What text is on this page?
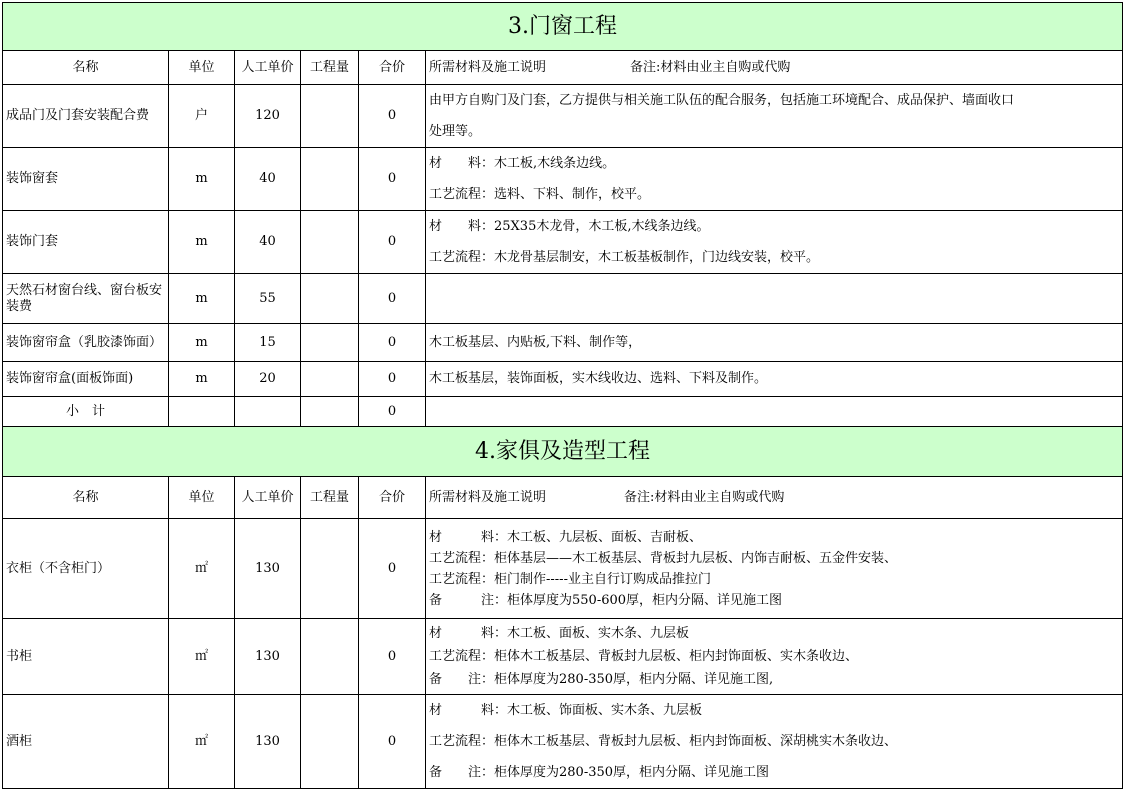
3.门窗工程					
名称	单位	人工单价	工程量	合价	所需材料及施工说明 备注:材料由业主自购或代购
成品门及门套安装配合费	户	120		0	由甲方自购门及门套，乙方提供与相关施工队伍的配合服务，包括施工环境配合、成品保护、墙面收口
处理等。

装饰窗套	m	40		0	材　　料：木工板,木线条边线。
工艺流程：选料、下料、制作，校平。

装饰门套	m	40		0	材　　料：25X35木龙骨，木工板,木线条边线。
工艺流程：木龙骨基层制安，木工板基板制作，门边线安装，校平。

天然石材窗台线、窗台板安装费	m	55		0	
装饰窗帘盒（乳胶漆饰面）	m	15		0	木工板基层、内贴板,下料、制作等，

装饰窗帘盒(面板饰面)	m	20		0	木工板基层，装饰面板，实木线收边、选料、下料及制作。

小　计				0	
4.家俱及造型工程					
名称	单位	人工单价	工程量	合价	所需材料及施工说明 备注:材料由业主自购或代购
衣柜（不含柜门）	㎡	130		0	材　　　料：木工板、九层板、面板、吉耐板、
工艺流程：柜体基层——木工板基层、背板封九层板、内饰吉耐板、五金件安装、
工艺流程：柜门制作-----业主自行订购成品推拉门
备　　　注：柜体厚度为550-600厚，柜内分隔、详见施工图

书柜	㎡	130		0	材　　　料：木工板、面板、实木条、九层板
工艺流程：柜体木工板基层、背板封九层板、柜内封饰面板、实木条收边、
备　　注：柜体厚度为280-350厚，柜内分隔、详见施工图,

酒柜	㎡	130		0	材　　　料：木工板、饰面板、实木条、九层板
工艺流程：柜体木工板基层、背板封九层板、柜内封饰面板、深胡桃实木条收边、
备　　注：柜体厚度为280-350厚，柜内分隔、详见施工图
